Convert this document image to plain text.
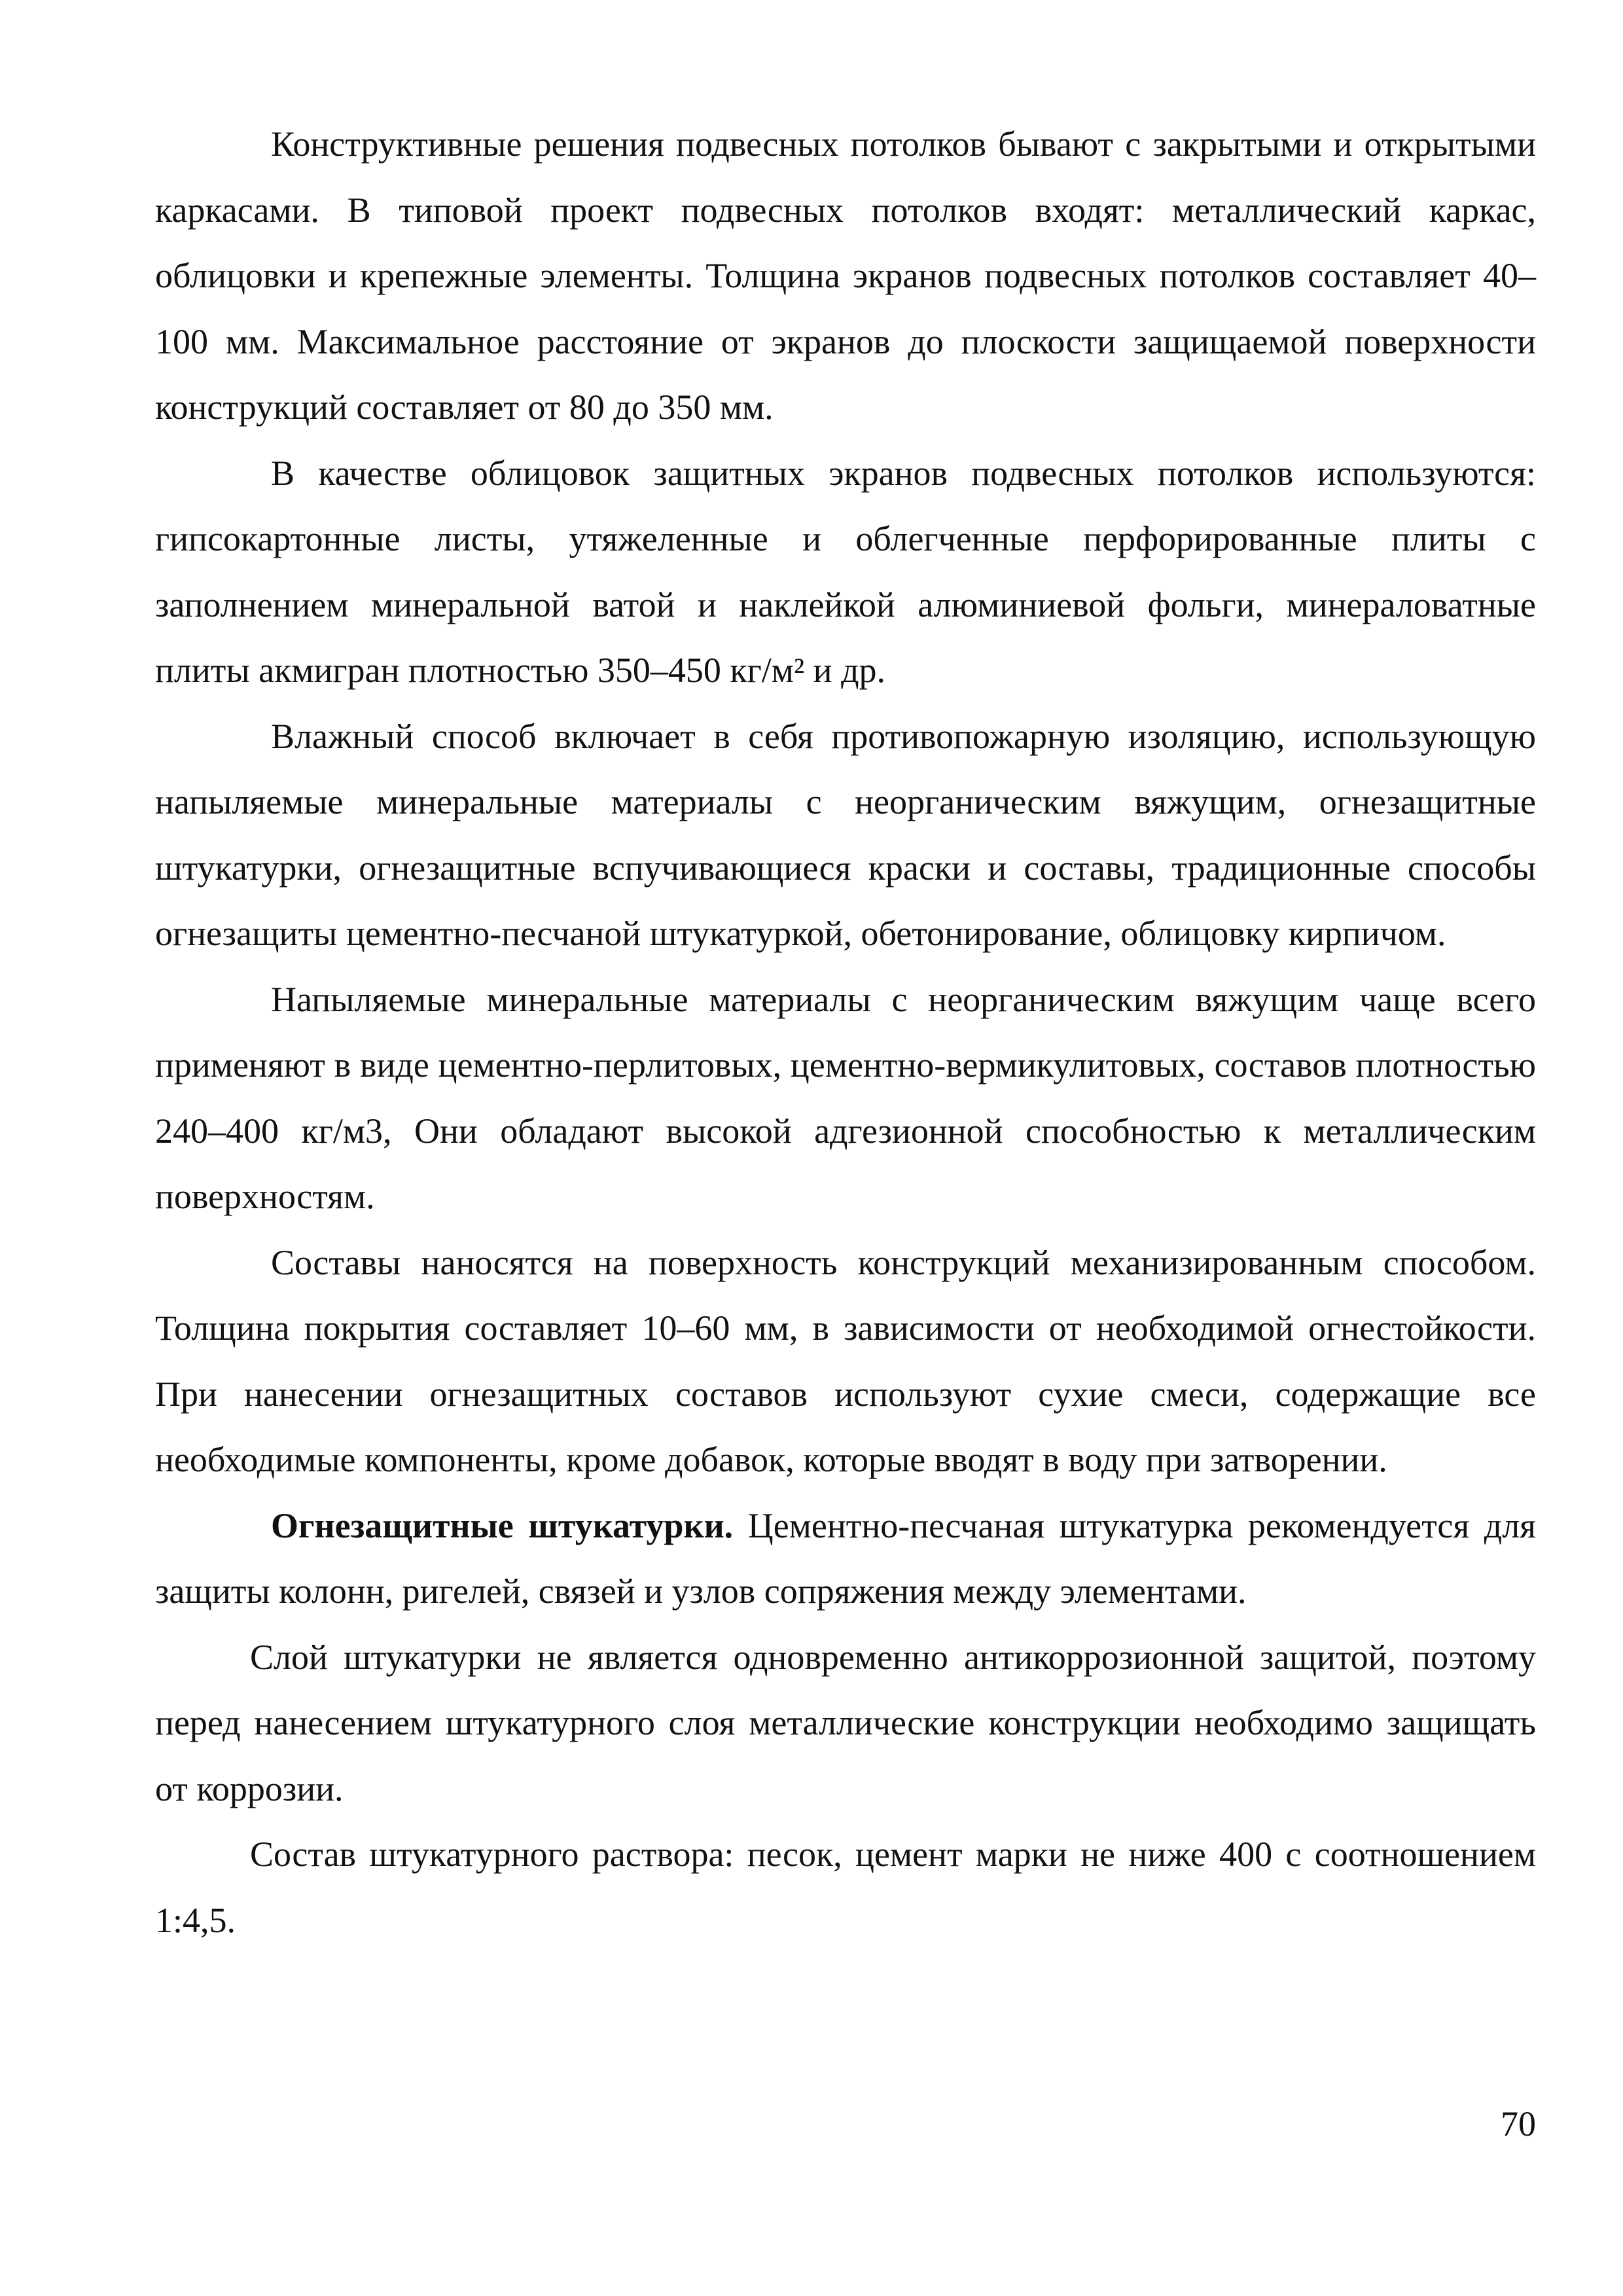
Конструктивные решения подвесных потолков бывают с закрытыми и открытыми каркасами. В типовой проект подвесных потолков входят: металлический каркас, облицовки и крепежные элементы. Толщина экранов подвесных потолков составляет 40–100 мм. Максимальное расстояние от экранов до плоскости защищаемой поверхности конструкций составляет от 80 до 350 мм.

В качестве облицовок защитных экранов подвесных потолков используются: гипсокартонные листы, утяжеленные и облегченные перфорированные плиты с заполнением минеральной ватой и наклейкой алюминиевой фольги, минераловатные плиты акмигран плотностью 350–450 кг/м² и др.

Влажный способ включает в себя противопожарную изоляцию, использующую напыляемые минеральные материалы с неорганическим вяжущим, огнезащитные штукатурки, огнезащитные вспучивающиеся краски и составы, традиционные способы огнезащиты цементно-песчаной штукатуркой, обетонирование, облицовку кирпичом.

Напыляемые минеральные материалы с неорганическим вяжущим чаще всего применяют в виде цементно-перлитовых, цементно-вермикулитовых, составов плотностью 240–400 кг/м3, Они обладают высокой адгезионной способностью к металлическим поверхностям.

Составы наносятся на поверхность конструкций механизированным способом. Толщина покрытия составляет 10–60 мм, в зависимости от необходимой огнестойкости. При нанесении огнезащитных составов используют сухие смеси, содержащие все необходимые компоненты, кроме добавок, которые вводят в воду при затворении.

Огнезащитные штукатурки. Цементно-песчаная штукатурка рекомендуется для защиты колонн, ригелей, связей и узлов сопряжения между элементами.

Слой штукатурки не является одновременно антикоррозионной защитой, поэтому перед нанесением штукатурного слоя металлические конструкции необходимо защищать от коррозии.

Состав штукатурного раствора: песок, цемент марки не ниже 400 с соотношением 1:4,5.

70
